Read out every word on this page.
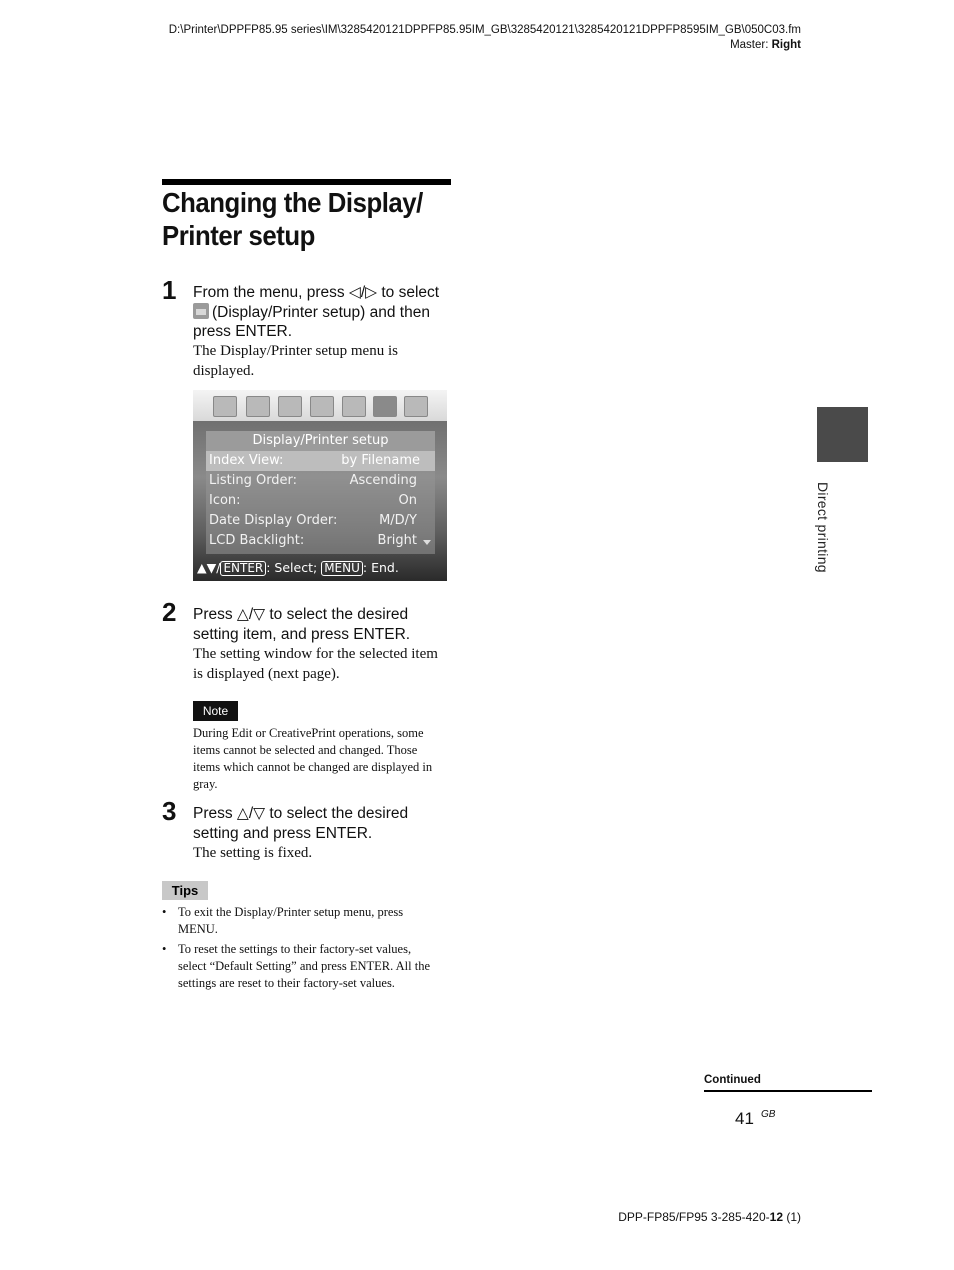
D:\Printer\DPPFP85.95 series\IM\3285420121DPPFP85.95IM_GB\3285420121\3285420121DPPFP8595IM_GB\050C03.fm
Master: Right
Changing the Display/
Printer setup
1 From the menu, press ◁/▷ to select
(Display/Printer setup) and then
press ENTER.
The Display/Printer setup menu is
displayed.
Display/Printer setup
Index View:	by Filename
Listing Order:	Ascending
Icon:	On
Date Display Order:	M/D/Y
LCD Backlight:	Bright
▲▼/ ENTER : Select; MENU : End.
2 Press △/▽ to select the desired
setting item, and press ENTER.
The setting window for the selected item
is displayed (next page).
Note
During Edit or CreativePrint operations, some
items cannot be selected and changed. Those
items which cannot be changed are displayed in
gray.
3 Press △/▽ to select the desired
setting and press ENTER.
The setting is fixed.
Tips
• To exit the Display/Printer setup menu, press
MENU.
• To reset the settings to their factory-set values,
select “Default Setting” and press ENTER. All the
settings are reset to their factory-set values.
Direct printing
Continued
41 GB
DPP-FP85/FP95 3-285-420-12 (1)
